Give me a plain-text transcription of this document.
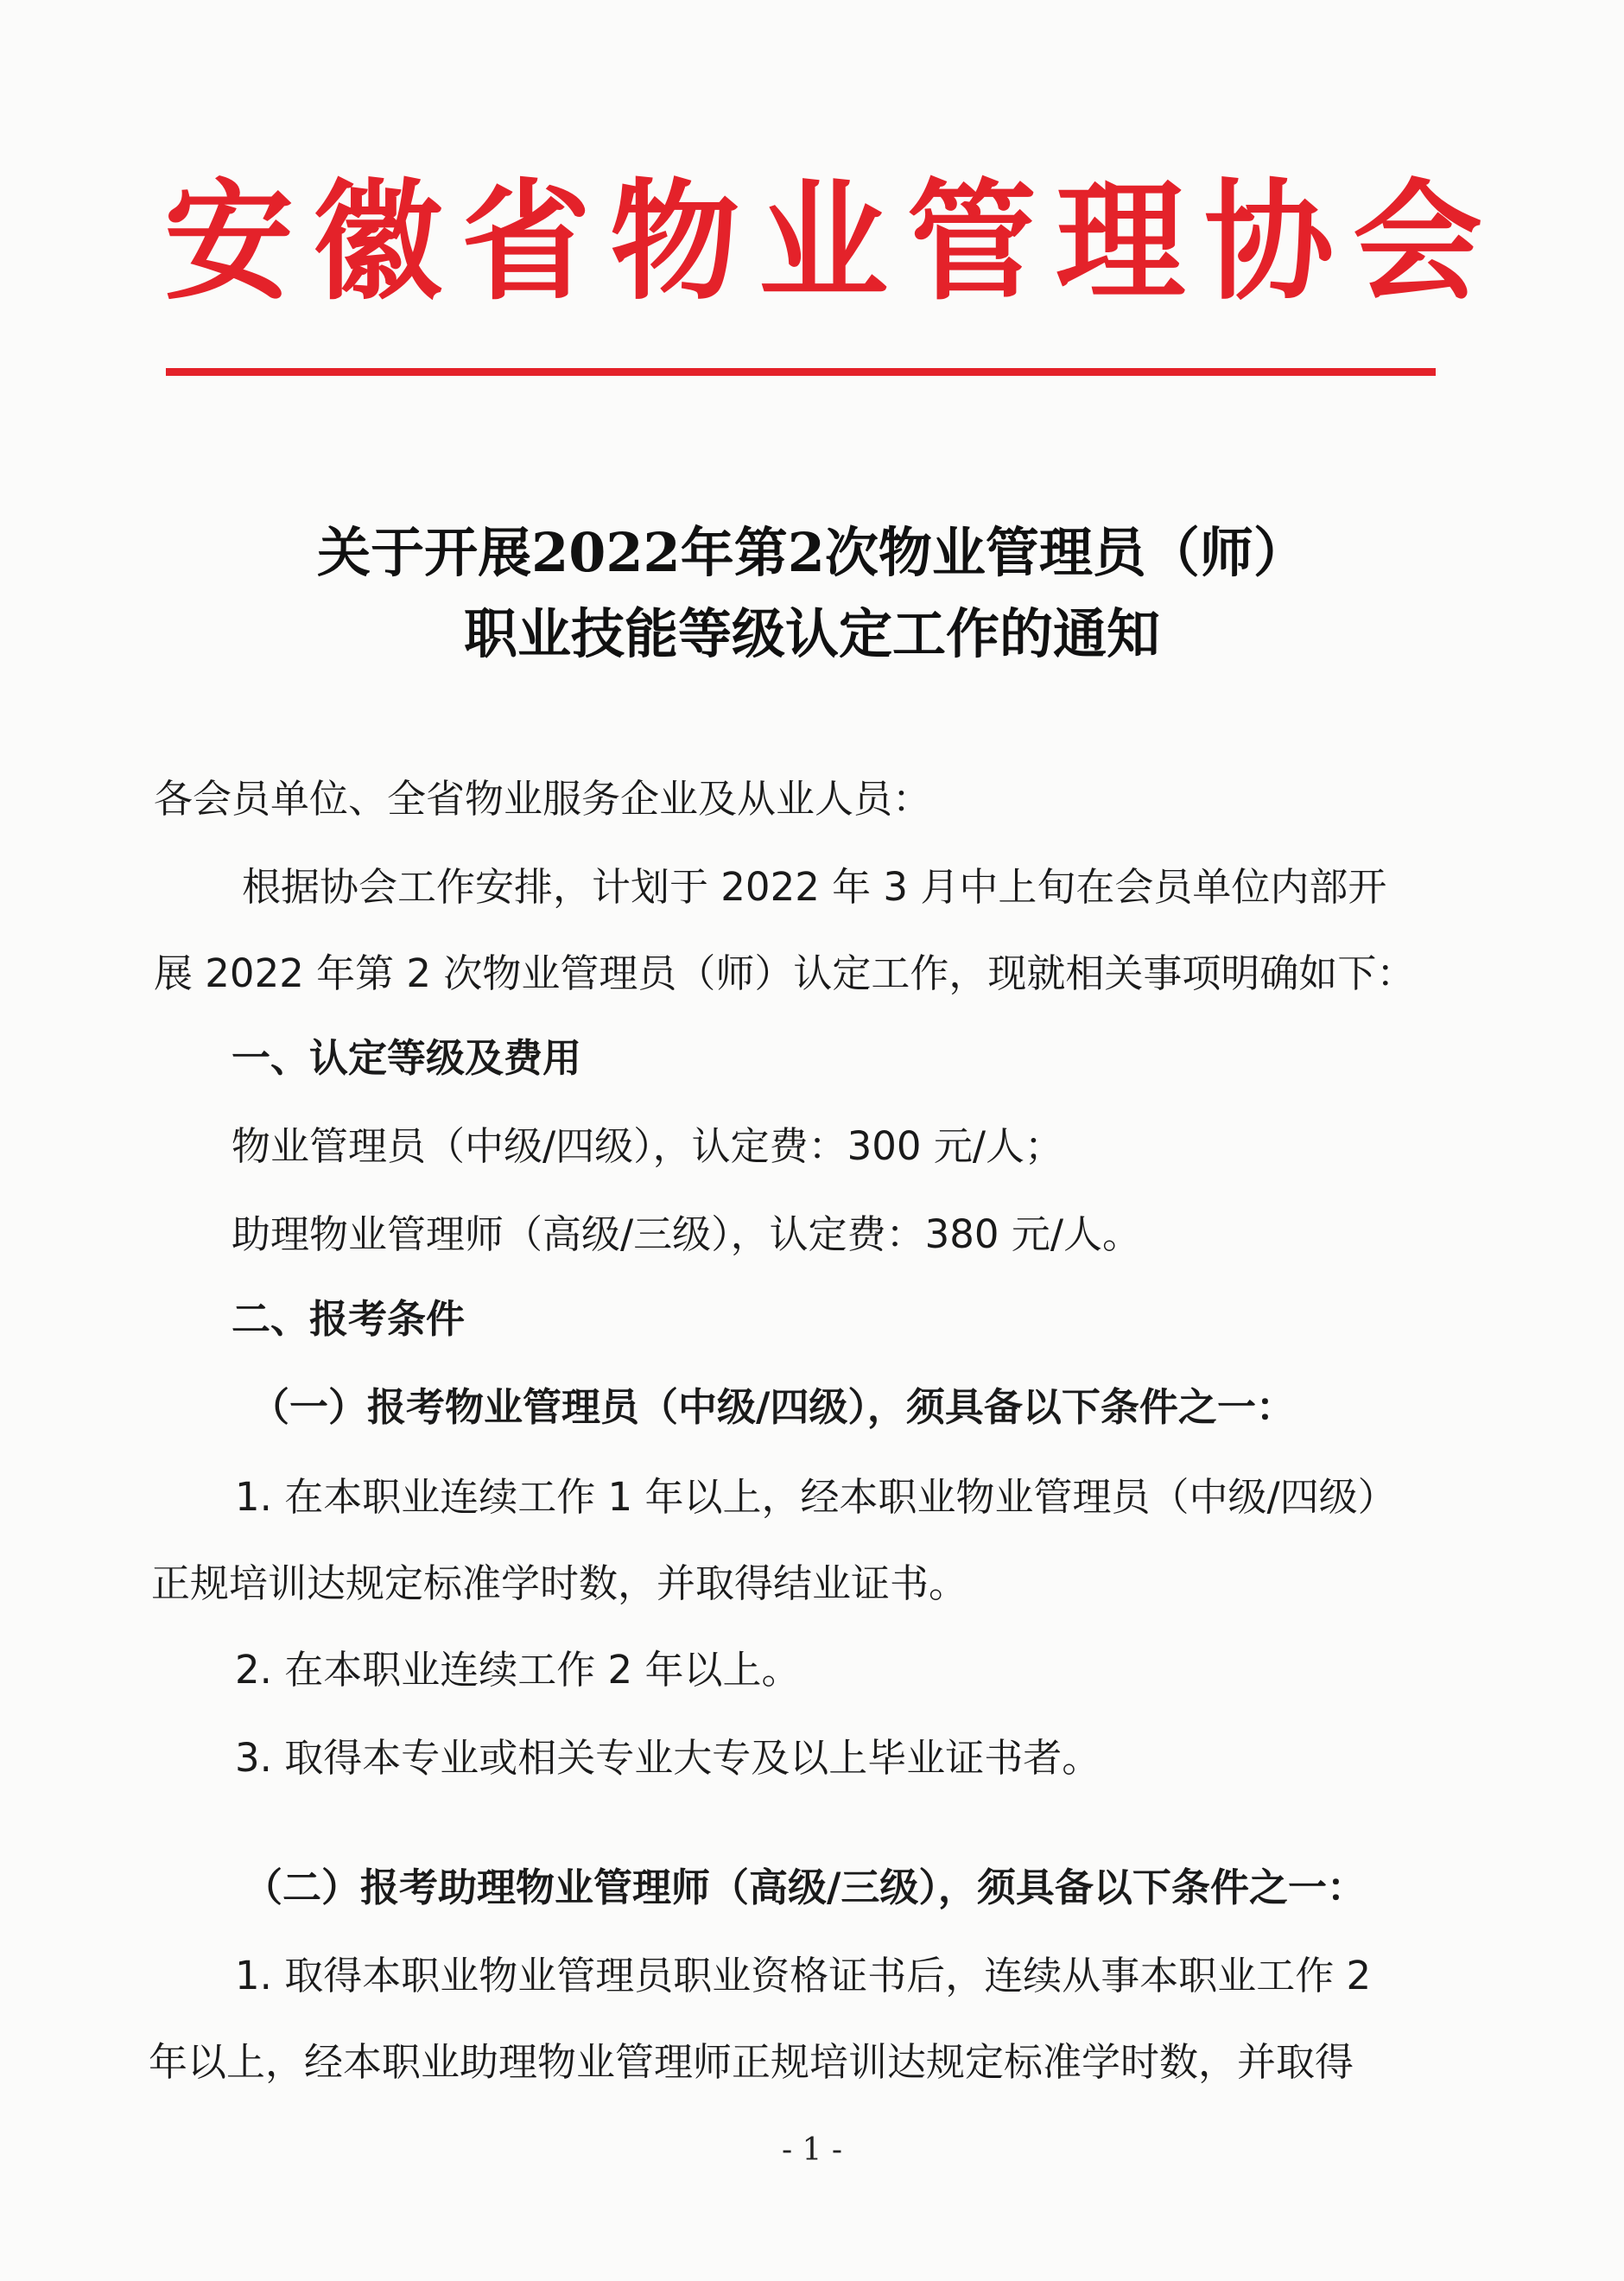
安徽省物业管理协会
关于开展2022年第2次物业管理员（师）
职业技能等级认定工作的通知
各会员单位、全省物业服务企业及从业人员：
根据协会工作安排，计划于 2022 年 3 月中上旬在会员单位内部开
展 2022 年第 2 次物业管理员（师）认定工作，现就相关事项明确如下：
一、认定等级及费用
物业管理员（中级/四级），认定费：300 元/人；
助理物业管理师（高级/三级），认定费：380 元/人。
二、报考条件
（一）报考物业管理员（中级/四级），须具备以下条件之一：
1. 在本职业连续工作 1 年以上，经本职业物业管理员（中级/四级）
正规培训达规定标准学时数，并取得结业证书。
2. 在本职业连续工作 2 年以上。
3. 取得本专业或相关专业大专及以上毕业证书者。
（二）报考助理物业管理师（高级/三级），须具备以下条件之一：
1. 取得本职业物业管理员职业资格证书后，连续从事本职业工作 2
年以上，经本职业助理物业管理师正规培训达规定标准学时数，并取得
- 1 -
